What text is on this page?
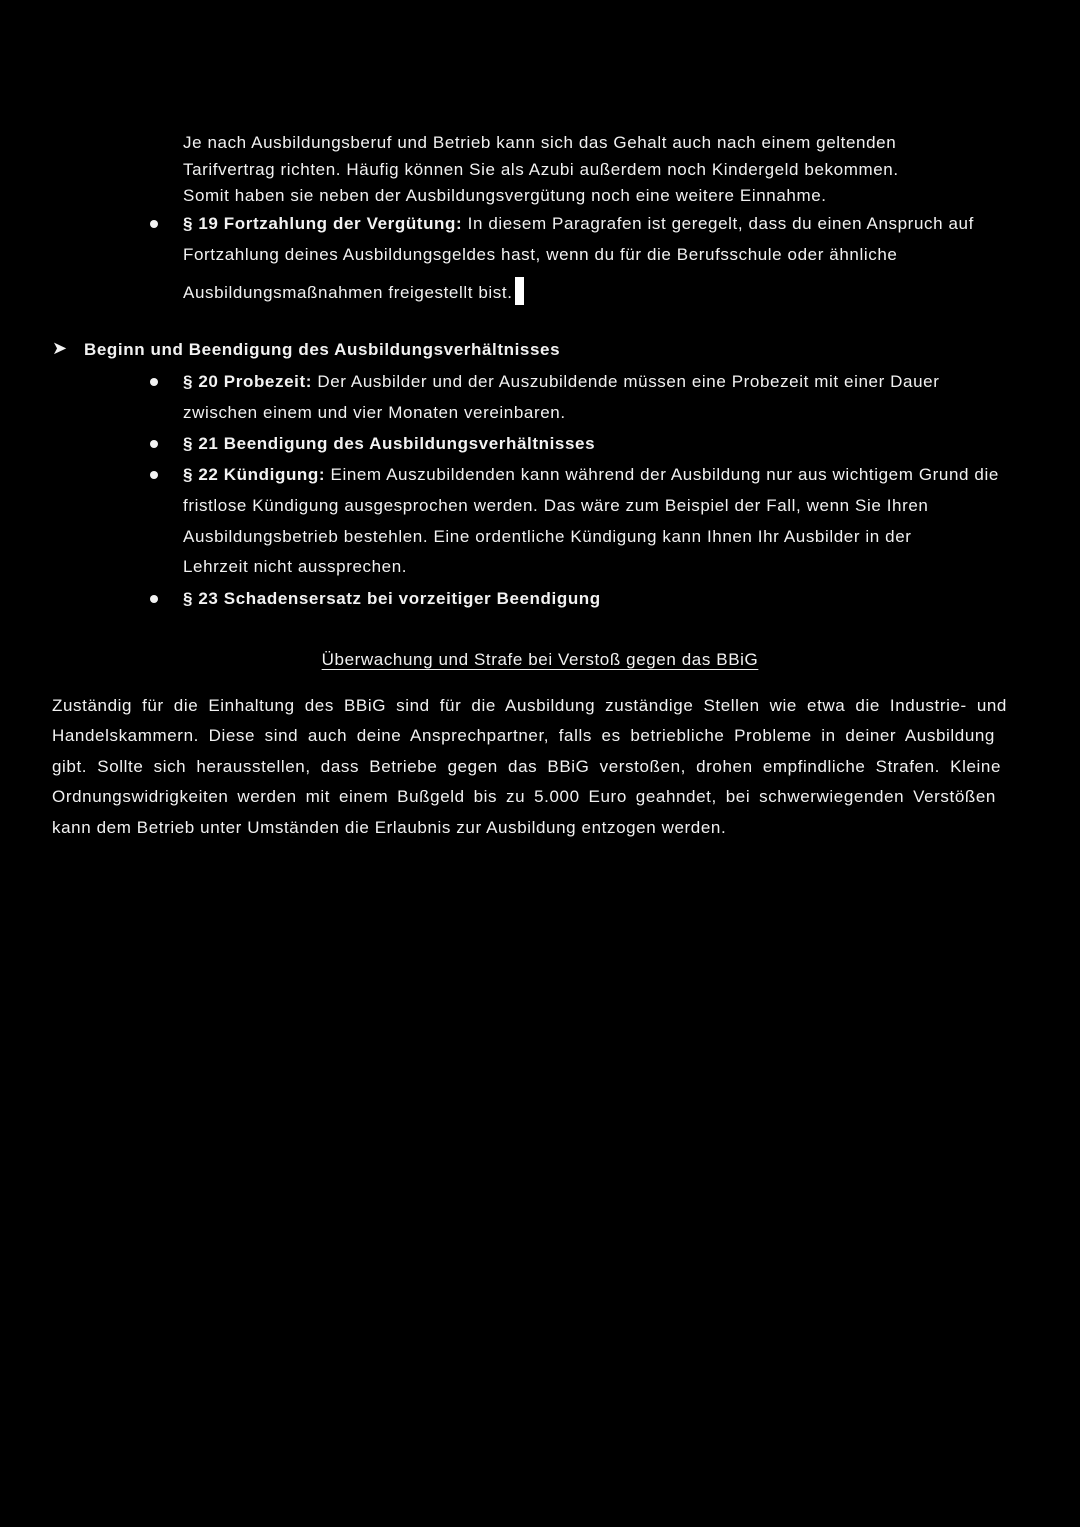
Je nach Ausbildungsberuf und Betrieb kann sich das Gehalt auch nach einem geltenden
Tarifvertrag richten. Häufig können Sie als Azubi außerdem noch Kindergeld bekommen.
Somit haben sie neben der Ausbildungsvergütung noch eine weitere Einnahme.
§ 19 Fortzahlung der Vergütung: In diesem Paragrafen ist geregelt, dass du einen Anspruch auf
Fortzahlung deines Ausbildungsgeldes hast, wenn du für die Berufsschule oder ähnliche
Ausbildungsmaßnahmen freigestellt bist.
➤ Beginn und Beendigung des Ausbildungsverhältnisses
§ 20 Probezeit: Der Ausbilder und der Auszubildende müssen eine Probezeit mit einer Dauer
zwischen einem und vier Monaten vereinbaren.
§ 21 Beendigung des Ausbildungsverhältnisses
§ 22 Kündigung: Einem Auszubildenden kann während der Ausbildung nur aus wichtigem Grund die
fristlose Kündigung ausgesprochen werden. Das wäre zum Beispiel der Fall, wenn Sie Ihren
Ausbildungsbetrieb bestehlen. Eine ordentliche Kündigung kann Ihnen Ihr Ausbilder in der
Lehrzeit nicht aussprechen.
§ 23 Schadensersatz bei vorzeitiger Beendigung
Überwachung und Strafe bei Verstoß gegen das BBiG
Zuständig für die Einhaltung des BBiG sind für die Ausbildung zuständige Stellen wie etwa die Industrie- und
Handelskammern. Diese sind auch deine Ansprechpartner, falls es betriebliche Probleme in deiner Ausbildung
gibt. Sollte sich herausstellen, dass Betriebe gegen das BBiG verstoßen, drohen empfindliche Strafen. Kleine
Ordnungswidrigkeiten werden mit einem Bußgeld bis zu 5.000 Euro geahndet, bei schwerwiegenden Verstößen
kann dem Betrieb unter Umständen die Erlaubnis zur Ausbildung entzogen werden.
